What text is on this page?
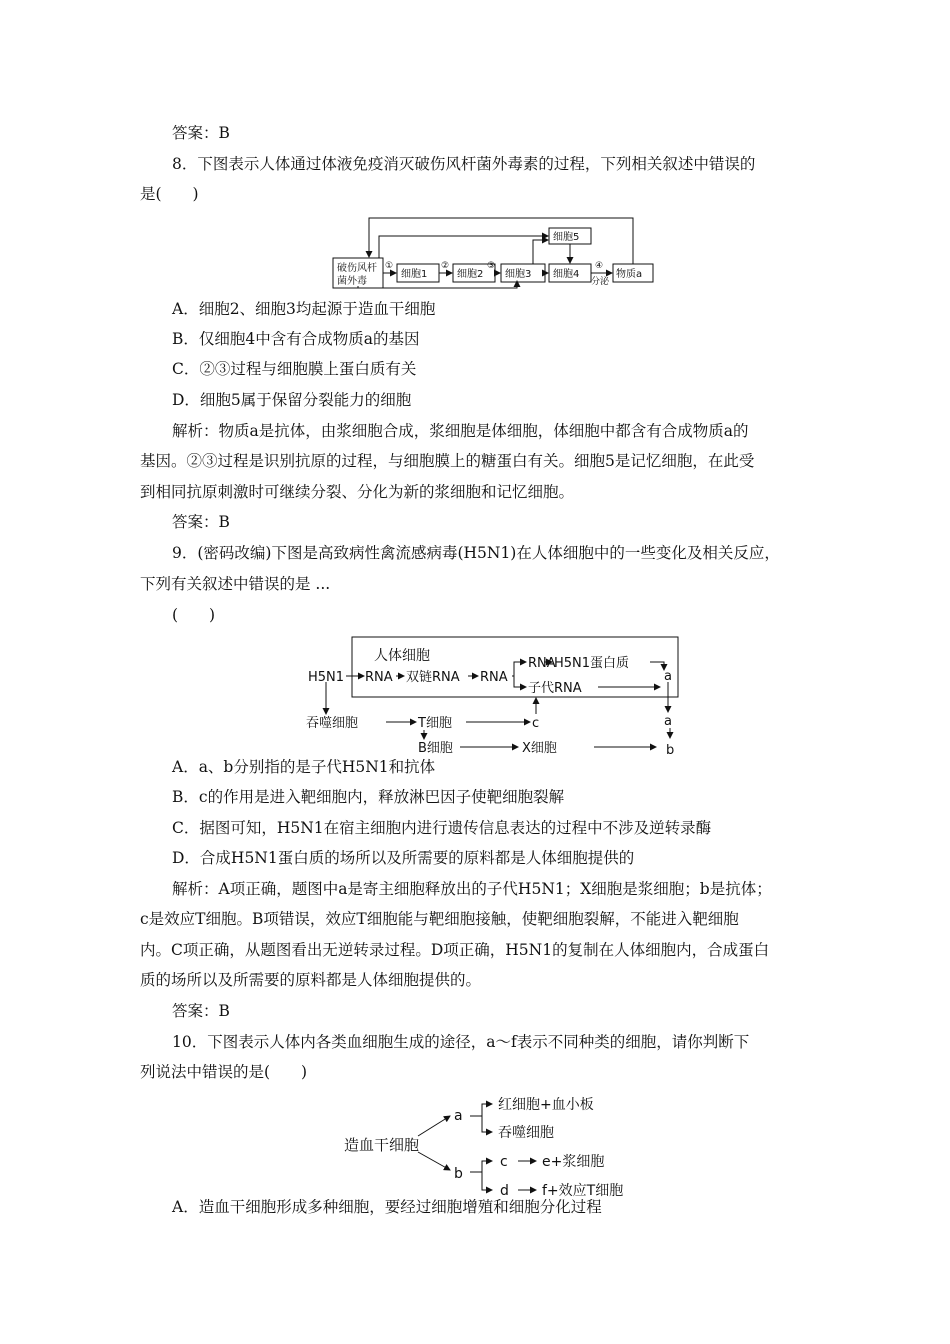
答案：B
8．下图表示人体通过体液免疫消灭破伤风杆菌外毒素的过程，下列相关叙述中错误的
是(　　)
破伤风杆
菌外毒
细胞1	细胞2 细胞3 细胞4
细胞5
物质a
①	②	③	④
分泌
A．细胞2、细胞3均起源于造血干细胞
B．仅细胞4中含有合成物质a的基因
C．②③过程与细胞膜上蛋白质有关
D．细胞5属于保留分裂能力的细胞
解析：物质a是抗体，由浆细胞合成，浆细胞是体细胞，体细胞中都含有合成物质a的
基因。②③过程是识别抗原的过程，与细胞膜上的糖蛋白有关。细胞5是记忆细胞，在此受
到相同抗原刺激时可继续分裂、分化为新的浆细胞和记忆细胞。
答案：B
9．(密码改编)下图是高致病性禽流感病毒(H5N1)在人体细胞中的一些变化及相关反应，
下列有关叙述中错误的是 ...
(　　)
人体细胞
H5N1 RNA 双链RNA RNA
RNA
H5N1蛋白质
子代RNA
a
吞噬细胞	T细胞	c	a
B细胞	X细胞	b
A．a、b分别指的是子代H5N1和抗体
B．c的作用是进入靶细胞内，释放淋巴因子使靶细胞裂解
C．据图可知，H5N1在宿主细胞内进行遗传信息表达的过程中不涉及逆转录酶
D．合成H5N1蛋白质的场所以及所需要的原料都是人体细胞提供的
解析：A项正确，题图中a是寄主细胞释放出的子代H5N1；X细胞是浆细胞；b是抗体；
c是效应T细胞。B项错误，效应T细胞能与靶细胞接触，使靶细胞裂解，不能进入靶细胞
内。C项正确，从题图看出无逆转录过程。D项正确，H5N1的复制在人体细胞内，合成蛋白
质的场所以及所需要的原料都是人体细胞提供的。
答案：B
10．下图表示人体内各类血细胞生成的途径，a～f表示不同种类的细胞，请你判断下
列说法中错误的是(　　)
造血干细胞
a
b
红细胞+血小板
吞噬细胞
c e+浆细胞
d f+效应T细胞
A．造血干细胞形成多种细胞，要经过细胞增殖和细胞分化过程
